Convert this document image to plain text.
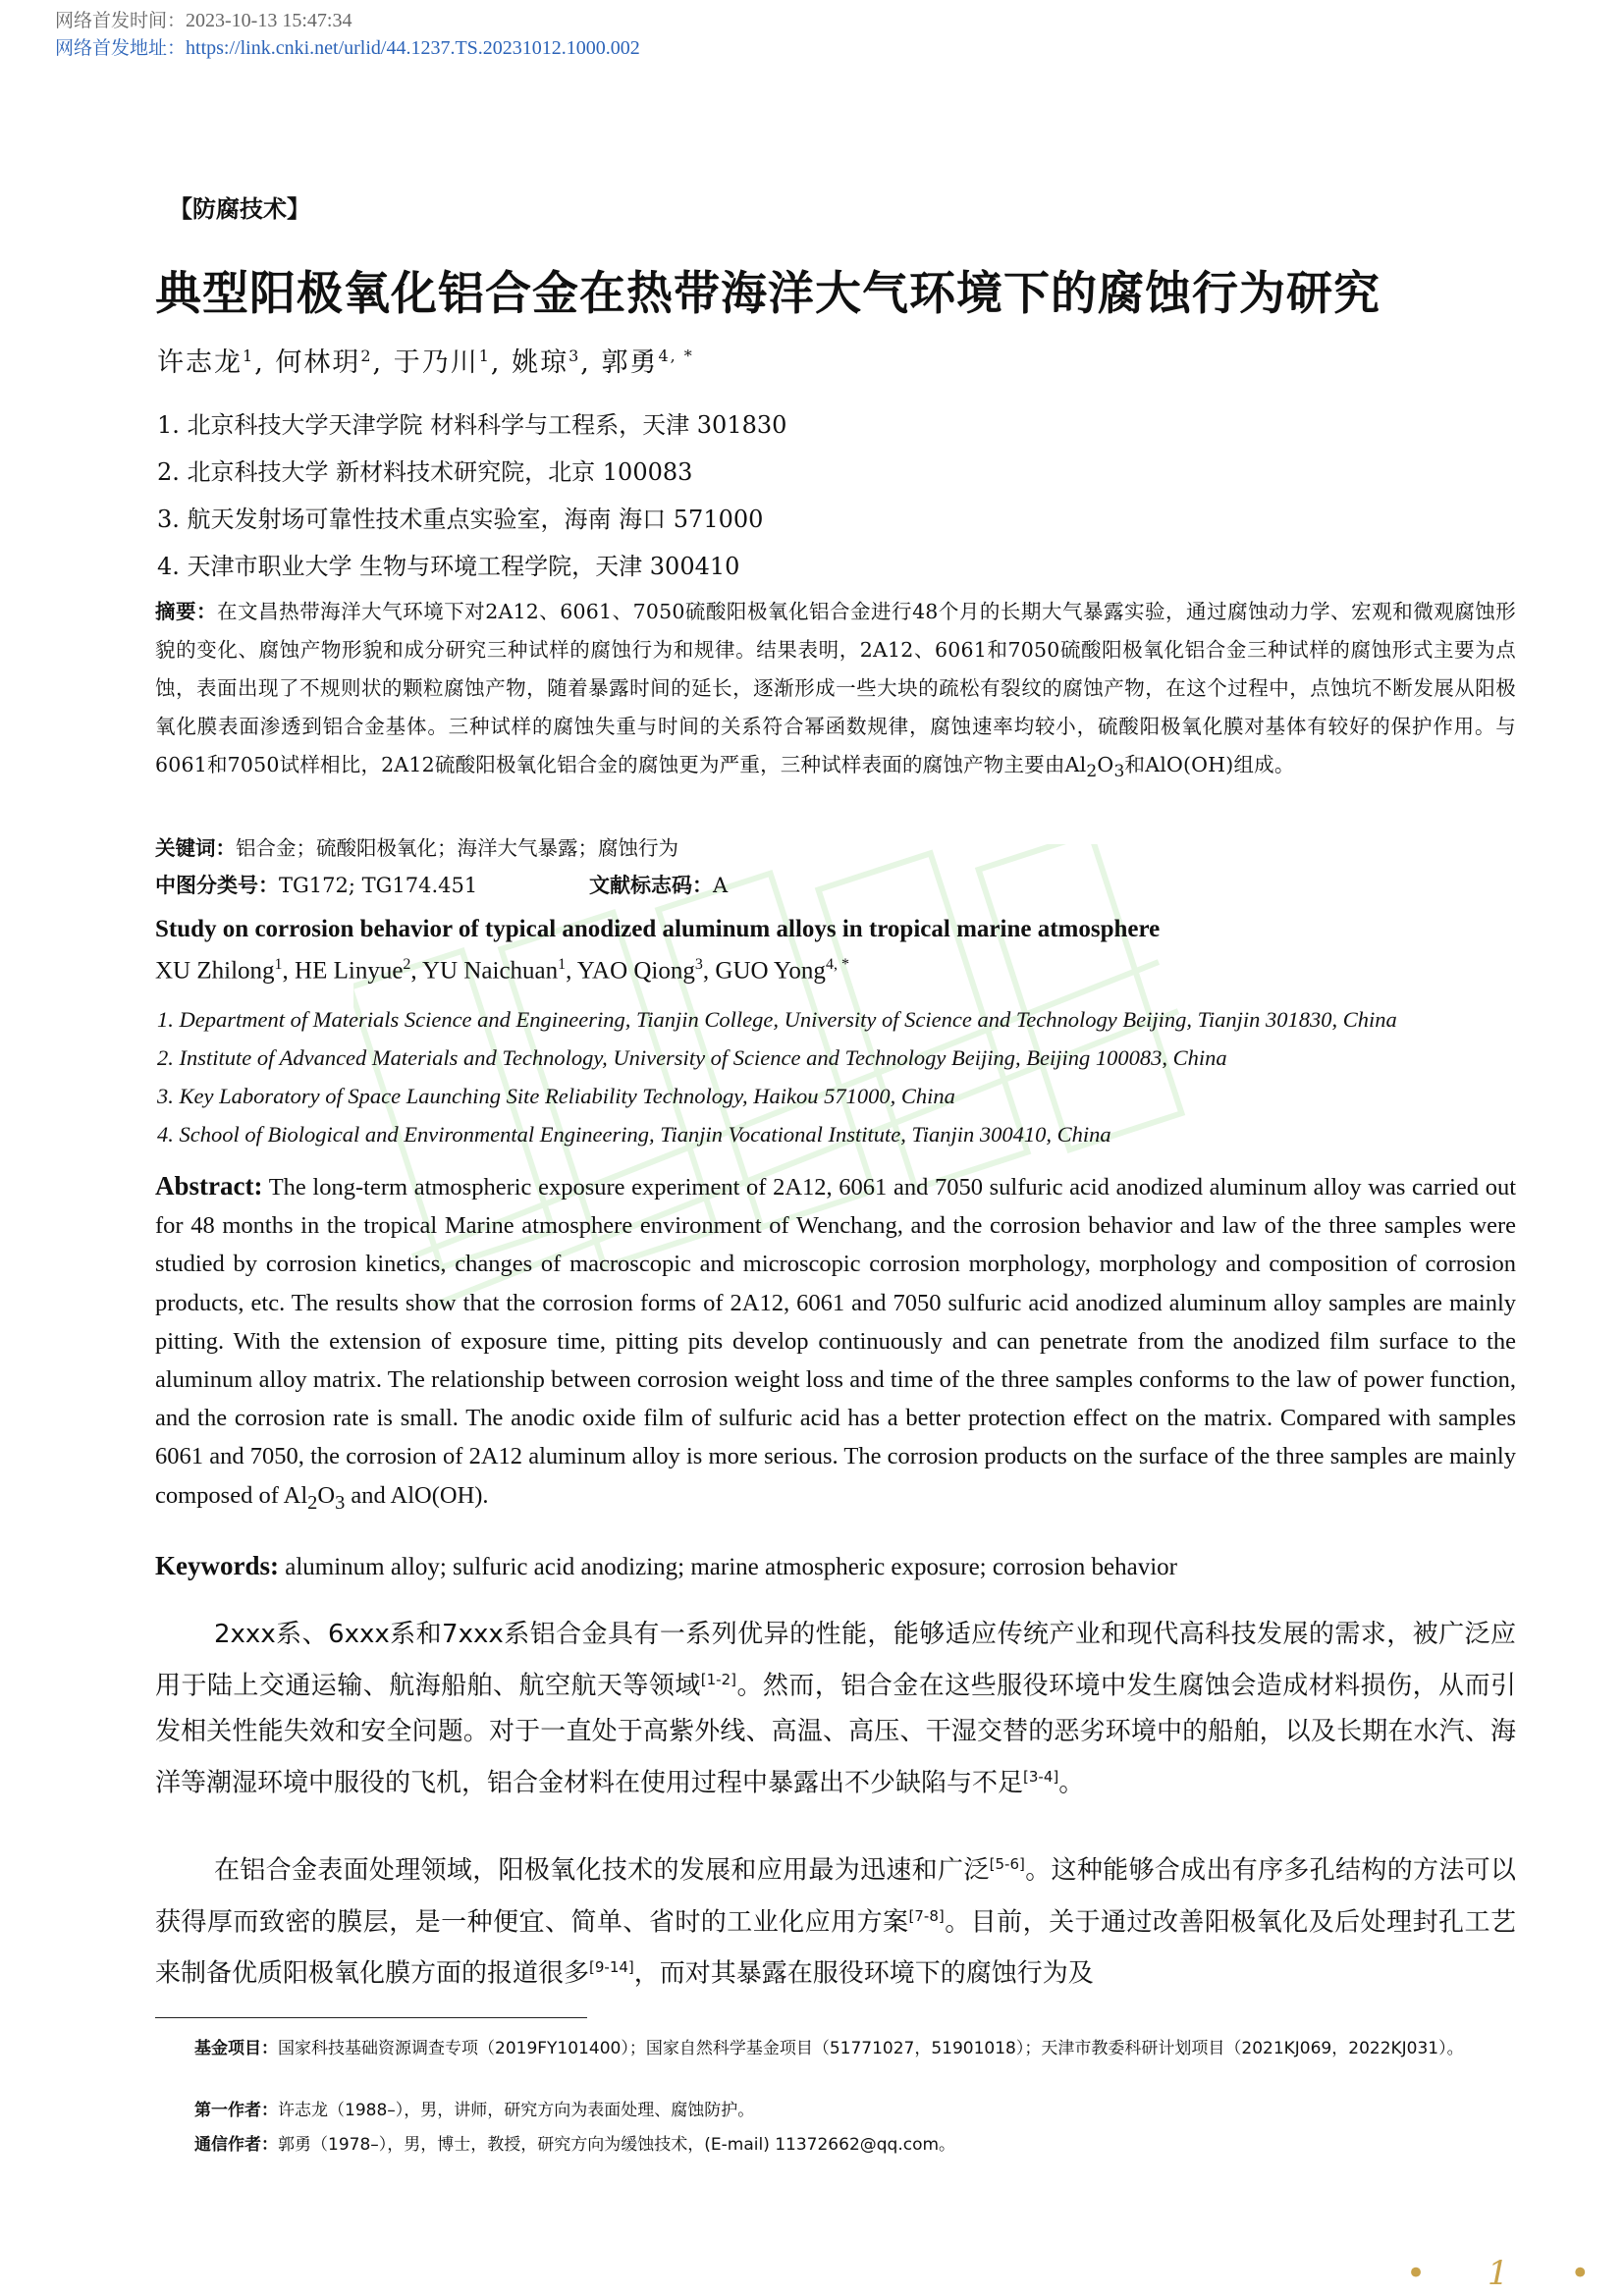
网络首发时间：2023-10-13 15:47:34
网络首发地址：https://link.cnki.net/urlid/44.1237.TS.20231012.1000.002
【防腐技术】
典型阳极氧化铝合金在热带海洋大气环境下的腐蚀行为研究
许志龙$^1$, 何林玥$^2$, 于乃川$^1$, 姚琼$^3$, 郭勇$^{4, *}$
1. 北京科技大学天津学院 材料科学与工程系，天津 301830
2. 北京科技大学 新材料技术研究院，北京 100083
3. 航天发射场可靠性技术重点实验室，海南 海口 571000
4. 天津市职业大学 生物与环境工程学院，天津 300410
摘要：在文昌热带海洋大气环境下对2A12、6061、7050硫酸阳极氧化铝合金进行48个月的长期大气暴露实验，通过腐蚀动力学、宏观和微观腐蚀形貌的变化、腐蚀产物形貌和成分研究三种试样的腐蚀行为和规律。结果表明，2A12、6061和7050硫酸阳极氧化铝合金三种试样的腐蚀形式主要为点蚀，表面出现了不规则状的颗粒腐蚀产物，随着暴露时间的延长，逐渐形成一些大块的疏松有裂纹的腐蚀产物，在这个过程中，点蚀坑不断发展从阳极氧化膜表面渗透到铝合金基体。三种试样的腐蚀失重与时间的关系符合幂函数规律，腐蚀速率均较小，硫酸阳极氧化膜对基体有较好的保护作用。与6061和7050试样相比，2A12硫酸阳极氧化铝合金的腐蚀更为严重，三种试样表面的腐蚀产物主要由$Al_2O_3$和AlO(OH)组成。
关键词：铝合金；硫酸阳极氧化；海洋大气暴露；腐蚀行为
中图分类号：TG172; TG174.451	文献标志码：A
Study on corrosion behavior of typical anodized aluminum alloys in tropical marine atmosphere
XU Zhilong$^1$, HE Linyue$^2$, YU Naichuan$^1$, YAO Qiong$^3$, GUO Yong$^{4, *}$
1. Department of Materials Science and Engineering, Tianjin College, University of Science and Technology Beijing, Tianjin 301830, China
2. Institute of Advanced Materials and Technology, University of Science and Technology Beijing, Beijing 100083, China
3. Key Laboratory of Space Launching Site Reliability Technology, Haikou 571000, China
4. School of Biological and Environmental Engineering, Tianjin Vocational Institute, Tianjin 300410, China
Abstract: The long-term atmospheric exposure experiment of 2A12, 6061 and 7050 sulfuric acid anodized aluminum alloy was carried out for 48 months in the tropical Marine atmosphere environment of Wenchang, and the corrosion behavior and law of the three samples were studied by corrosion kinetics, changes of macroscopic and microscopic corrosion morphology, morphology and composition of corrosion products, etc. The results show that the corrosion forms of 2A12, 6061 and 7050 sulfuric acid anodized aluminum alloy samples are mainly pitting. With the extension of exposure time, pitting pits develop continuously and can penetrate from the anodized film surface to the aluminum alloy matrix. The relationship between corrosion weight loss and time of the three samples conforms to the law of power function, and the corrosion rate is small. The anodic oxide film of sulfuric acid has a better protection effect on the matrix. Compared with samples 6061 and 7050, the corrosion of 2A12 aluminum alloy is more serious. The corrosion products on the surface of the three samples are mainly composed of $Al_2O_3$ and AlO(OH).
Keywords: aluminum alloy; sulfuric acid anodizing; marine atmospheric exposure; corrosion behavior
2xxx系、6xxx系和7xxx系铝合金具有一系列优异的性能，能够适应传统产业和现代高科技发展的需求，被广泛应用于陆上交通运输、航海船舶、航空航天等领域[1-2]。然而，铝合金在这些服役环境中发生腐蚀会造成材料损伤，从而引发相关性能失效和安全问题。对于一直处于高紫外线、高温、高压、干湿交替的恶劣环境中的船舶，以及长期在水汽、海洋等潮湿环境中服役的飞机，铝合金材料在使用过程中暴露出不少缺陷与不足[3-4]。
在铝合金表面处理领域，阳极氧化技术的发展和应用最为迅速和广泛[5-6]。这种能够合成出有序多孔结构的方法可以获得厚而致密的膜层，是一种便宜、简单、省时的工业化应用方案[7-8]。目前，关于通过改善阳极氧化及后处理封孔工艺来制备优质阳极氧化膜方面的报道很多[9-14]，而对其暴露在服役环境下的腐蚀行为及
基金项目：国家科技基础资源调查专项（2019FY101400）；国家自然科学基金项目（51771027，51901018）；天津市教委科研计划项目（2021KJ069，2022KJ031）。
第一作者：许志龙（1988–），男，讲师，研究方向为表面处理、腐蚀防护。
通信作者：郭勇（1978–），男，博士，教授，研究方向为缓蚀技术，(E-mail) 11372662@qq.com。
• 1 •
